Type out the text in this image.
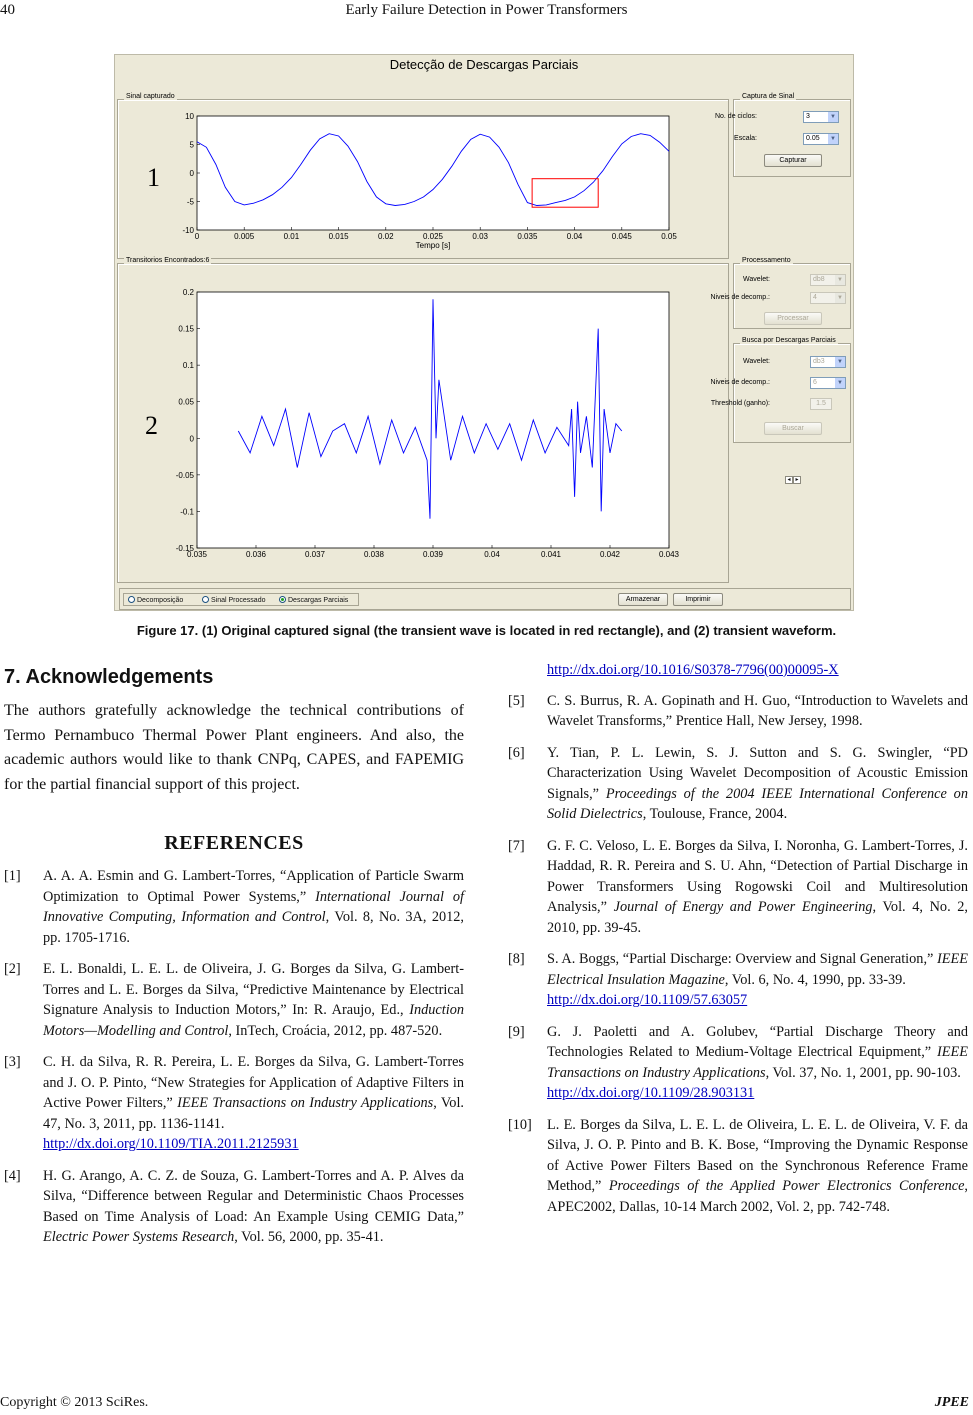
40	Early Failure Detection in Power Transformers
Detecção de Descargas Parciais
Sinal capturado
Transitorios Encontrados:6
1
2
0	0.005	0.01	0.015	0.02	0.025	0.03	0.035	0.04	0.045	0.05
10
5
0
-5
-10
Tempo [s]
0.035	0.036	0.037	0.038	0.039	0.04	0.041	0.042	0.043
0.2
0.15
0.1
0.05
0
-0.05
-0.1
-0.15
◂ ▸
Captura de Sinal
No. de ciclos:	3	▼
Escala:	0.05	▼
Capturar
Processamento
Wavelet:	db8	▼
Niveis de decomp.:	4	▼
Processar
Busca por Descargas Parciais
Wavelet:	db3	▼
Niveis de decomp.:	6	▼
Threshold (ganho):	1.5
Buscar
Decomposição	Sinal Processado	Descargas Parciais	Armazenar	Imprimir
Figure 17. (1) Original captured signal (the transient wave is located in red rectangle), and (2) transient waveform.
7. Acknowledgements

The authors gratefully acknowledge the technical contributions of Termo Pernambuco Thermal Power Plant engineers. And also, the academic authors would like to thank CNPq, CAPES, and FAPEMIG for the partial financial support of this project.

REFERENCES
[1] A. A. A. Esmin and G. Lambert-Torres, “Application of Particle Swarm Optimization to Optimal Power Systems,” International Journal of Innovative Computing, Information and Control, Vol. 8, No. 3A, 2012, pp. 1705-1716.
[2] E. L. Bonaldi, L. E. L. de Oliveira, J. G. Borges da Silva, G. Lambert-Torres and L. E. Borges da Silva, “Predictive Maintenance by Electrical Signature Analysis to Induction Motors,” In: R. Araujo, Ed., Induction Motors—Modelling and Control, InTech, Croácia, 2012, pp. 487-520.
[3] C. H. da Silva, R. R. Pereira, L. E. Borges da Silva, G. Lambert-Torres and J. O. P. Pinto, “New Strategies for Application of Adaptive Filters in Active Power Filters,” IEEE Transactions on Industry Applications, Vol. 47, No. 3, 2011, pp. 1136-1141.
http://dx.doi.org/10.1109/TIA.2011.2125931
[4] H. G. Arango, A. C. Z. de Souza, G. Lambert-Torres and A. P. Alves da Silva, “Difference between Regular and Deterministic Chaos Processes Based on Time Analysis of Load: An Example Using CEMIG Data,” Electric Power Systems Research, Vol. 56, 2000, pp. 35-41.
http://dx.doi.org/10.1016/S0378-7796(00)00095-X
[5] C. S. Burrus, R. A. Gopinath and H. Guo, “Introduction to Wavelets and Wavelet Transforms,” Prentice Hall, New Jersey, 1998.
[6] Y. Tian, P. L. Lewin, S. J. Sutton and S. G. Swingler, “PD Characterization Using Wavelet Decomposition of Acoustic Emission Signals,” Proceedings of the 2004 IEEE International Conference on Solid Dielectrics, Toulouse, France, 2004.
[7] G. F. C. Veloso, L. E. Borges da Silva, I. Noronha, G. Lambert-Torres, J. Haddad, R. R. Pereira and S. U. Ahn, “Detection of Partial Discharge in Power Transformers Using Rogowski Coil and Multiresolution Analysis,” Journal of Energy and Power Engineering, Vol. 4, No. 2, 2010, pp. 39-45.
[8] S. A. Boggs, “Partial Discharge: Overview and Signal Generation,” IEEE Electrical Insulation Magazine, Vol. 6, No. 4, 1990, pp. 33-39.
http://dx.doi.org/10.1109/57.63057
[9] G. J. Paoletti and A. Golubev, “Partial Discharge Theory and Technologies Related to Medium-Voltage Electrical Equipment,” IEEE Transactions on Industry Applications, Vol. 37, No. 1, 2001, pp. 90-103.
http://dx.doi.org/10.1109/28.903131
[10] L. E. Borges da Silva, L. E. L. de Oliveira, L. E. L. de Oliveira, V. F. da Silva, J. O. P. Pinto and B. K. Bose, “Improving the Dynamic Response of Active Power Filters Based on the Synchronous Reference Frame Method,” Proceedings of the Applied Power Electronics Conference, APEC2002, Dallas, 10-14 March 2002, Vol. 2, pp. 742-748.
Copyright © 2013 SciRes.	JPEE
